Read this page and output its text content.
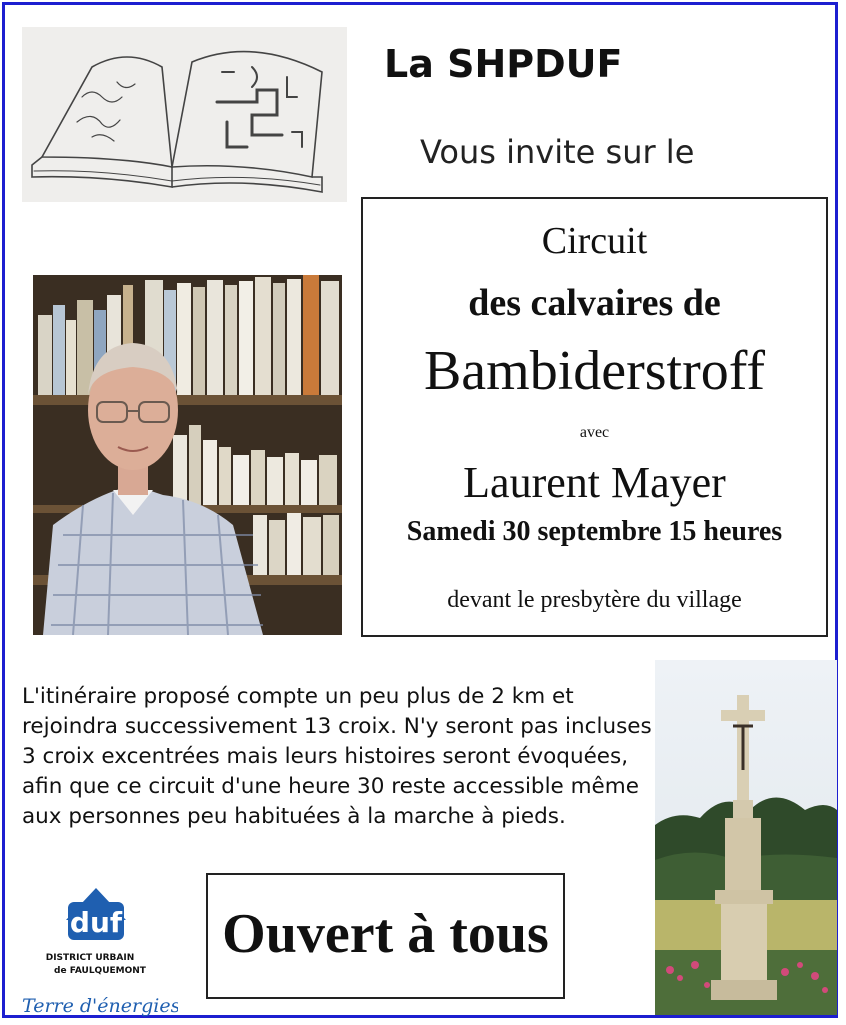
La SHPDUF
Vous invite sur le
Circuit
des calvaires de
Bambiderstroff
avec
Laurent Mayer
Samedi 30 septembre 15 heures
devant le presbytère du village
L'itinéraire proposé compte un peu plus de 2 km et
rejoindra successivement 13 croix. N'y seront pas incluses
3 croix excentrées mais leurs histoires seront évoquées,
afin que ce circuit d'une heure 30 reste accessible même
aux personnes peu habituées à la marche à pieds.
duf
DISTRICT URBAIN
de FAULQUEMONT
Terre d'énergies
Ouvert à tous
